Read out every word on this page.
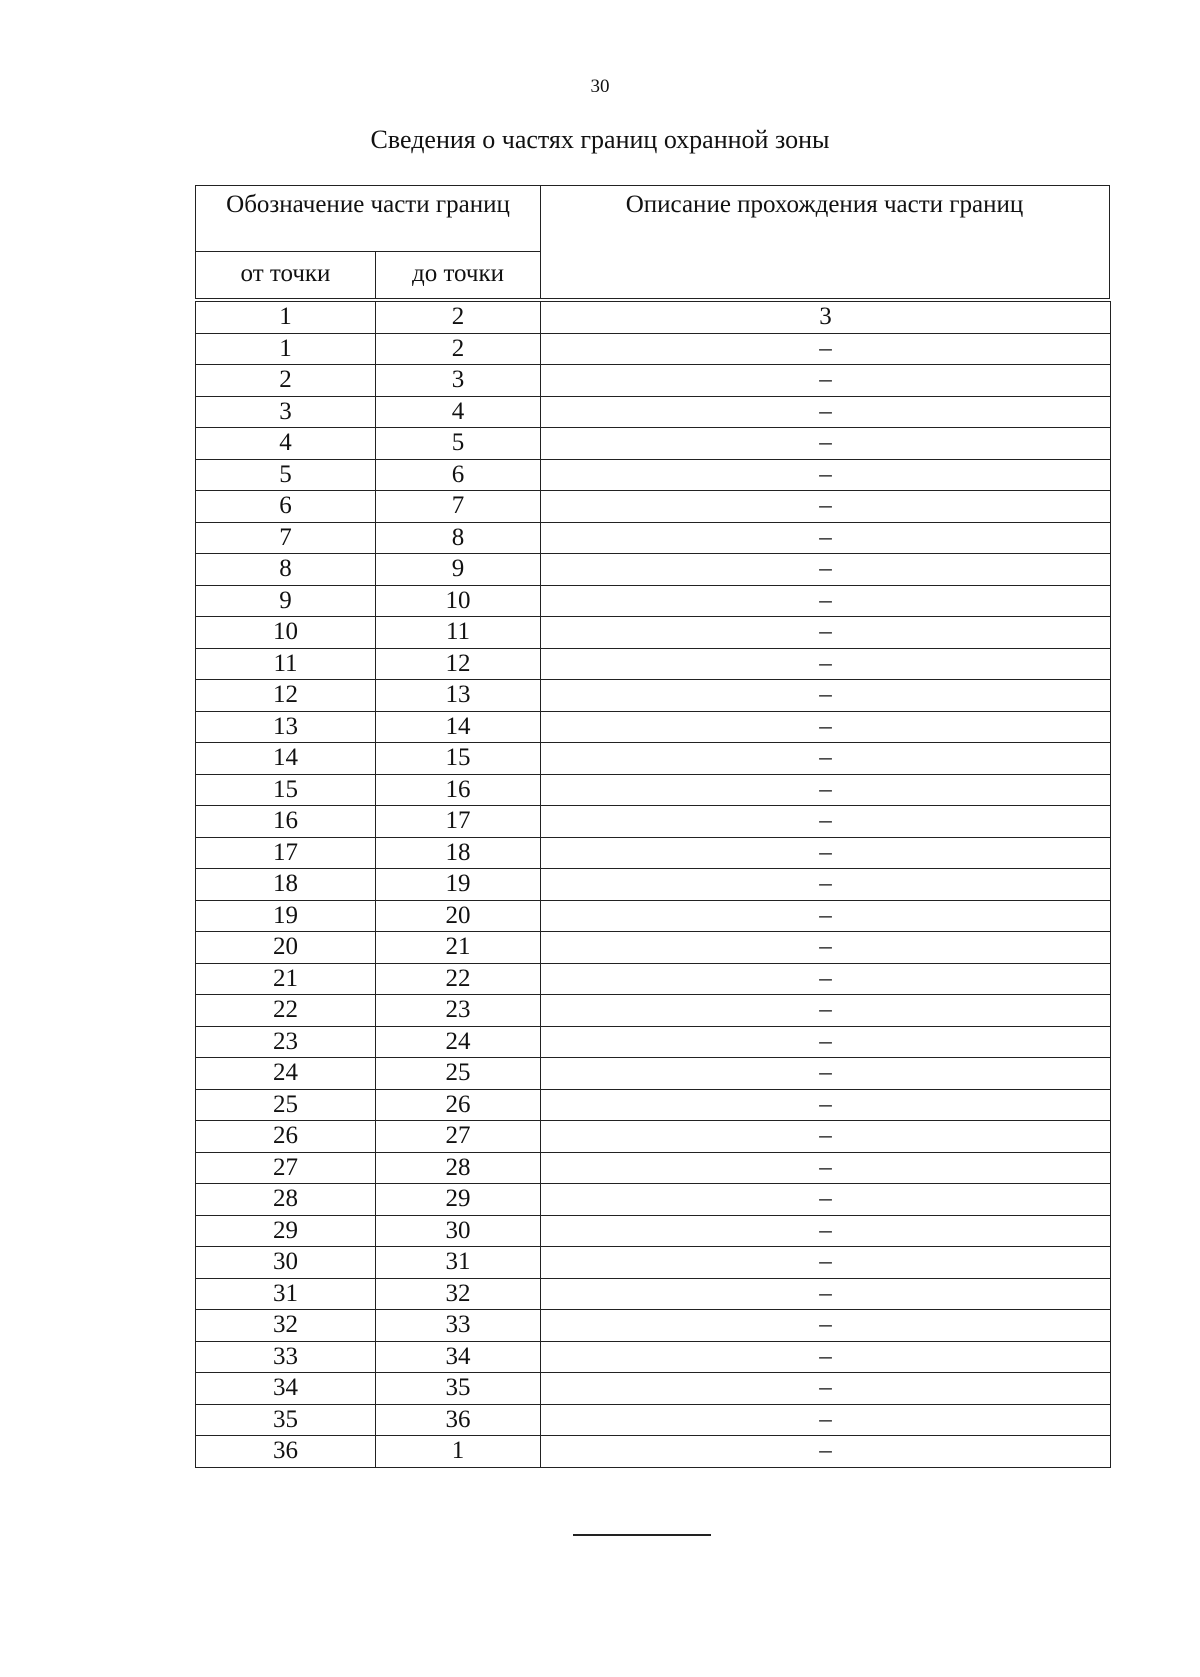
30
Сведения о частях границ охранной зоны
Обозначение части границ
от точки	до точки
Описание прохождения части границ
1	2	3
1	2	–
2	3	–
3	4	–
4	5	–
5	6	–
6	7	–
7	8	–
8	9	–
9	10	–
10	11	–
11	12	–
12	13	–
13	14	–
14	15	–
15	16	–
16	17	–
17	18	–
18	19	–
19	20	–
20	21	–
21	22	–
22	23	–
23	24	–
24	25	–
25	26	–
26	27	–
27	28	–
28	29	–
29	30	–
30	31	–
31	32	–
32	33	–
33	34	–
34	35	–
35	36	–
36	1	–
